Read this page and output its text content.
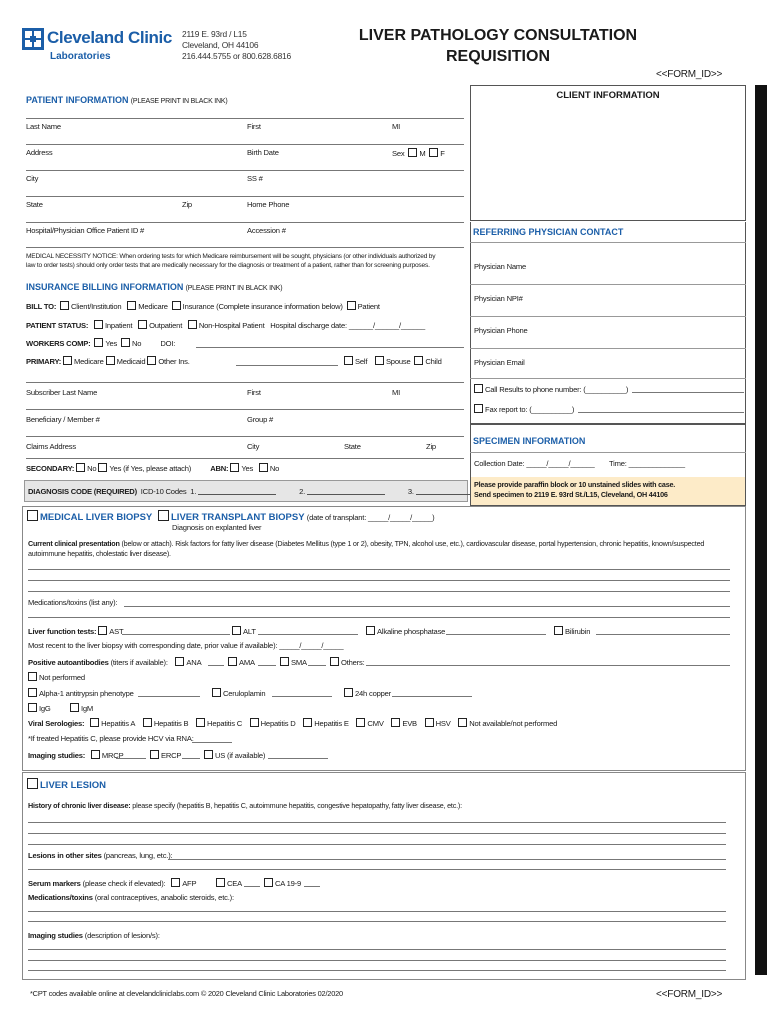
Cleveland Clinic
Laboratories
2119 E. 93rd / L15
Cleveland, OH 44106
216.444.5755 or 800.628.6816
LIVER PATHOLOGY CONSULTATION
REQUISITION
<<FORM_ID>>
PATIENT INFORMATION (PLEASE PRINT IN BLACK INK)
Last Name	First	MI
Address	Birth Date	Sex M F
City	SS #
State	Zip	Home Phone
Hospital/Physician Office Patient ID #	Accession #
CLIENT INFORMATION
MEDICAL NECESSITY NOTICE: When ordering tests for which Medicare reimbursement will be sought, physicians (or other individuals authorized by
law to order tests) should only order tests that are medically necessary for the diagnosis or treatment of a patient, rather than for screening purposes.
INSURANCE BILLING INFORMATION (PLEASE PRINT IN BLACK INK)
BILL TO: Client/Institution Medicare Insurance (Complete insurance information below) Patient
PATIENT STATUS: Inpatient Outpatient Non-Hospital Patient Hospital discharge date: ______/______/______
WORKERS COMP: Yes No	DOI:
PRIMARY: Medicare Medicaid Other Ins.	Self Spouse Child
Subscriber Last Name	First	MI
Beneficiary / Member #	Group #
Claims Address	City	State	Zip
SECONDARY: No Yes (if Yes, please attach)	ABN: Yes No
DIAGNOSIS CODE (REQUIRED) ICD-10 Codes 1.	2.	3.
REFERRING PHYSICIAN CONTACT
Physician Name
Physician NPI#
Physician Phone
Physician Email
Call Results to phone number: (__________)
Fax report to: (__________)
SPECIMEN INFORMATION
Collection Date: _____/_____/______ Time: ______________
Please provide paraffin block or 10 unstained slides with case.
Send specimen to 2119 E. 93rd St./L15, Cleveland, OH 44106
MEDICAL LIVER BIOPSY	LIVER TRANSPLANT BIOPSY (date of transplant: _____/_____/_____)
Diagnosis on explanted liver
Current clinical presentation (below or attach). Risk factors for fatty liver disease (Diabetes Mellitus (type 1 or 2), obesity, TPN, alcohol use, etc.), cardiovascular disease, portal hypertension, chronic hepatitis, known/suspected
autoimmune hepatitis, cholestatic liver disease).
Medications/toxins (list any):
Liver function tests: AST	ALT	Alkaline phosphatase	Bilirubin
Most recent to the liver biopsy with corresponding date, prior value if available): _____/_____/_____
Positive autoantibodies (titers if available): ANA	AMA	SMA	Others:
Not performed
Alpha-1 antitrypsin phenotype	Ceruloplamin	24h copper
IgG	IgM
Viral Serologies: Hepatitis A Hepatitis B Hepatitis C Hepatitis D Hepatitis E CMV EVB HSV Not available/not performed
*If treated Hepatitis C, please provide HCV via RNA:
Imaging studies: MRCP	ERCP	US (if available)
LIVER LESION
History of chronic liver disease: please specify (hepatitis B, hepatitis C, autoimmune hepatitis, congestive hepatopathy, fatty liver disease, etc.):
Lesions in other sites (pancreas, lung, etc.):
Serum markers (please check if elevated): AFP	CEA	CA 19-9
Medications/toxins (oral contraceptives, anabolic steroids, etc.):
Imaging studies (description of lesion/s):
*CPT codes available online at clevelandcliniclabs.com © 2020 Cleveland Clinic Laboratories 02/2020	<<FORM_ID>>
